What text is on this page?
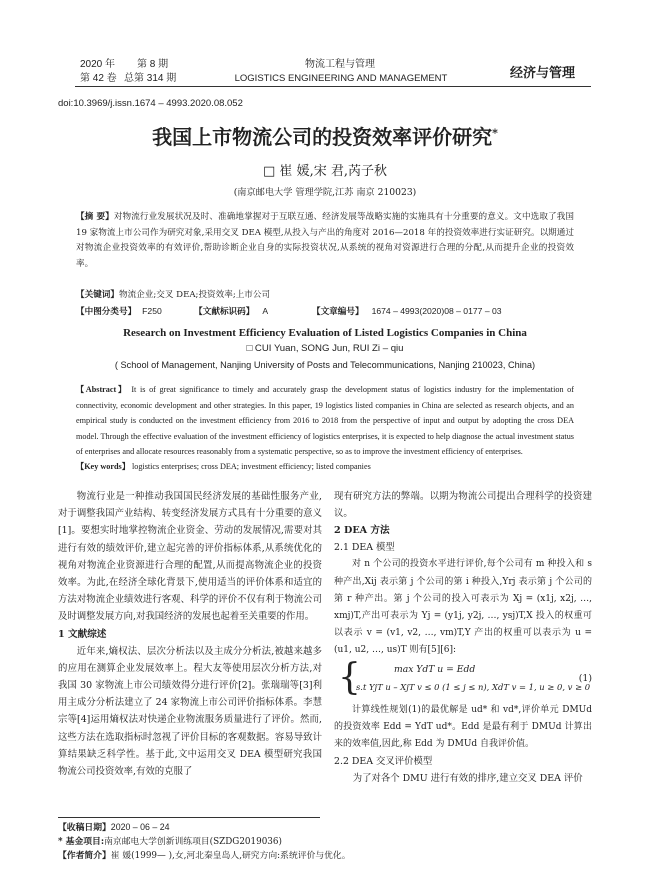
2020 年 第 8 期
第 42 卷 总第 314 期
物流工程与管理
LOGISTICS ENGINEERING AND MANAGEMENT	经济与管理
doi:10.3969/j.issn.1674 – 4993.2020.08.052
我国上市物流公司的投资效率评价研究*
□ 崔 媛,宋 君,芮子秋
(南京邮电大学 管理学院,江苏 南京 210023)
【摘 要】对物流行业发展状况及时、准确地掌握对于互联互通、经济发展等战略实施的实施具有十分重要的意义。文中选取了我国 19 家物流上市公司作为研究对象,采用交叉 DEA 模型,从投入与产出的角度对 2016—2018 年的投资效率进行实证研究。以期通过对物流企业投资效率的有效评价,帮助诊断企业自身的实际投资状况,从系统的视角对资源进行合理的分配,从而提升企业的投资效率。
【关键词】物流企业;交叉 DEA;投资效率;上市公司
【中图分类号】 F250	【文献标识码】 A	【文章编号】 1674 – 4993(2020)08 – 0177 – 03
Research on Investment Efficiency Evaluation of Listed Logistics Companies in China
□ CUI Yuan, SONG Jun, RUI Zi – qiu
( School of Management, Nanjing University of Posts and Telecommunications, Nanjing 210023, China)
【Abstract】 It is of great significance to timely and accurately grasp the development status of logistics industry for the implementation of connectivity, economic development and other strategies. In this paper, 19 logistics listed companies in China are selected as research objects, and an empirical study is conducted on the investment efficiency from 2016 to 2018 from the perspective of input and output by adopting the cross DEA model. Through the effective evaluation of the investment efficiency of logistics enterprises, it is expected to help diagnose the actual investment status of enterprises and allocate resources reasonably from a systematic perspective, so as to improve the investment efficiency of enterprises.
【Key words】 logistics enterprises; cross DEA; investment efficiency; listed companies
物流行业是一种推动我国国民经济发展的基础性服务产业,对于调整我国产业结构、转变经济发展方式具有十分重要的意义[1]。要想实时地掌控物流企业资金、劳动的发展情况,需要对其进行有效的绩效评价,建立起完善的评价指标体系,从系统优化的视角对物流企业资源进行合理的配置,从而提高物流企业的投资效率。为此,在经济全球化背景下,使用适当的评价体系和适宜的方法对物流企业绩效进行客观、科学的评价不仅有利于物流公司及时调整发展方向,对我国经济的发展也起着至关重要的作用。
1 文献综述
近年来,熵权法、层次分析法以及主成分分析法,被越来越多的应用在测算企业发展效率上。程大友等使用层次分析方法,对我国 30 家物流上市公司绩效得分进行评价[2]。张瑞瑞等[3]利用主成分分析法建立了 24 家物流上市公司评价指标体系。李慧宗等[4]运用熵权法对快递企业物流服务质量进行了评价。然而,这些方法在选取指标时忽视了评价目标的客观数据。容易导致计算结果缺乏科学性。基于此,文中运用交叉 DEA 模型研究我国物流公司投资效率,有效的克服了
现有研究方法的弊端。以期为物流公司提出合理科学的投资建议。
2 DEA 方法
2.1 DEA 模型
对 n 个公司的投资水平进行评价,每个公司有 m 种投入和 s 种产出,Xij 表示第 j 个公司的第 i 种投入,Yrj 表示第 j 个公司的第 r 种产出。第 j 个公司的投入可表示为 Xj = (x1j, x2j, …, xmj)T,产出可表示为 Yj = (y1j, y2j, …, ysj)T,X 投入的权重可以表示 v = (v1, v2, …, vm)T,Y 产出的权重可以表示为 u = (u1, u2, …, us)T 则有[5][6]:
{	max YdT u = Edd
s.t YjT u – XjT v ≤ 0 (1 ≤ j ≤ n), XdT v = 1, u ≥ 0, v ≥ 0
(1)
计算线性规划(1)的最优解是 ud* 和 vd*,评价单元 DMUd 的投资效率 Edd = YdT ud*。Edd 是最有利于 DMUd 计算出来的效率值,因此,称 Edd 为 DMUd 自我评价值。
2.2 DEA 交叉评价模型
为了对各个 DMU 进行有效的排序,建立交叉 DEA 评价
【收稿日期】2020 – 06 – 24
* 基金项目:南京邮电大学创新训练项目(SZDG2019036)
【作者简介】崔 媛(1999— ),女,河北秦皇岛人,研究方向:系统评价与优化。
